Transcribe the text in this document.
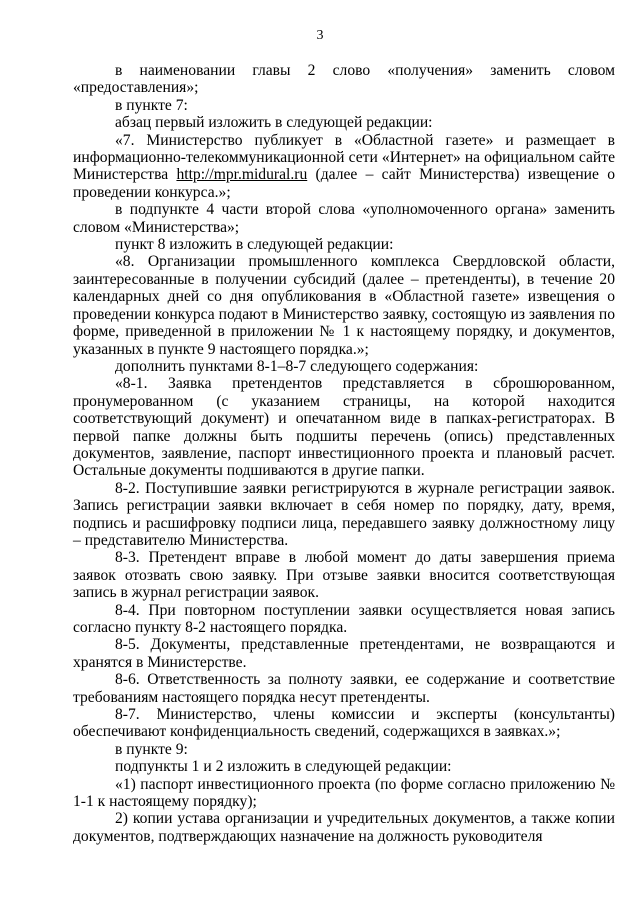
3

в наименовании главы 2 слово «получения» заменить словом «предоставления»;

в пункте 7:

абзац первый изложить в следующей редакции:

«7. Министерство публикует в «Областной газете» и размещает в информационно-телекоммуникационной сети «Интернет» на официальном сайте Министерства http://mpr.midural.ru (далее – сайт Министерства) извещение о проведении конкурса.»;

в подпункте 4 части второй слова «уполномоченного органа» заменить словом «Министерства»;

пункт 8 изложить в следующей редакции:

«8. Организации промышленного комплекса Свердловской области, заинтересованные в получении субсидий (далее – претенденты), в течение 20 календарных дней со дня опубликования в «Областной газете» извещения о проведении конкурса подают в Министерство заявку, состоящую из заявления по форме, приведенной в приложении № 1 к настоящему порядку, и документов, указанных в пункте 9 настоящего порядка.»;

дополнить пунктами 8-1–8-7 следующего содержания:

«8-1. Заявка претендентов представляется в сброшюрованном, пронумерованном (с указанием страницы, на которой находится соответствующий документ) и опечатанном виде в папках-регистраторах. В первой папке должны быть подшиты перечень (опись) представленных документов, заявление, паспорт инвестиционного проекта и плановый расчет. Остальные документы подшиваются в другие папки.

8-2. Поступившие заявки регистрируются в журнале регистрации заявок. Запись регистрации заявки включает в себя номер по порядку, дату, время, подпись и расшифровку подписи лица, передавшего заявку должностному лицу – представителю Министерства.

8-3. Претендент вправе в любой момент до даты завершения приема заявок отозвать свою заявку. При отзыве заявки вносится соответствующая запись в журнал регистрации заявок.

8-4. При повторном поступлении заявки осуществляется новая запись согласно пункту 8-2 настоящего порядка.

8-5. Документы, представленные претендентами, не возвращаются и хранятся в Министерстве.

8-6. Ответственность за полноту заявки, ее содержание и соответствие требованиям настоящего порядка несут претенденты.

8-7. Министерство, члены комиссии и эксперты (консультанты) обеспечивают конфиденциальность сведений, содержащихся в заявках.»;

в пункте 9:

подпункты 1 и 2 изложить в следующей редакции:

«1) паспорт инвестиционного проекта (по форме согласно приложению № 1-1 к настоящему порядку);

2) копии устава организации и учредительных документов, а также копии документов, подтверждающих назначение на должность руководителя
